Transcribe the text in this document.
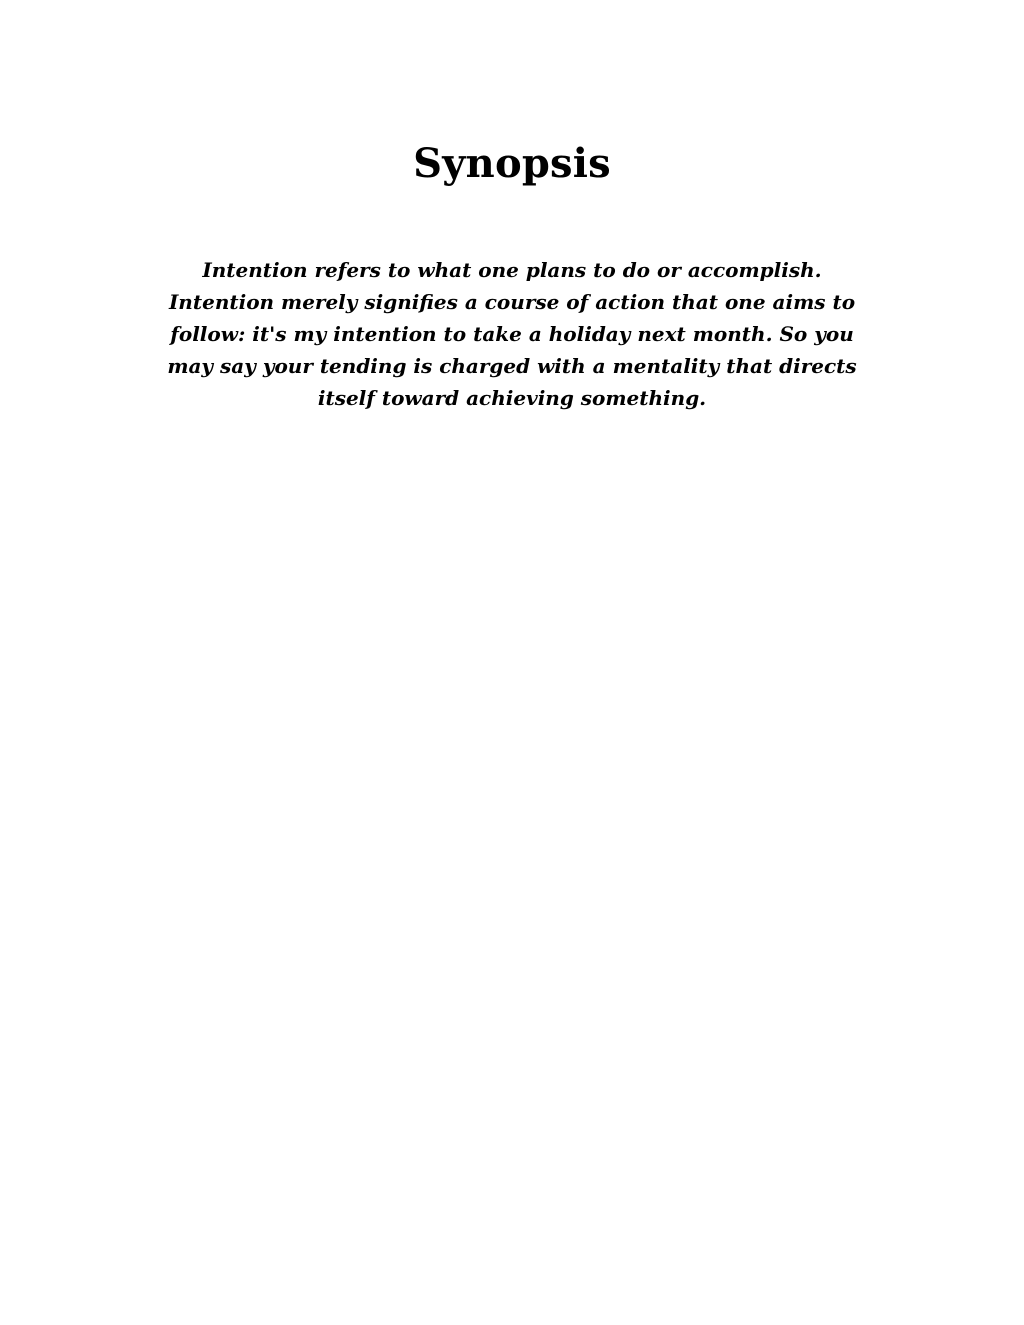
Synopsis

Intention refers to what one plans to do or accomplish. Intention merely signifies a course of action that one aims to follow: it's my intention to take a holiday next month. So you may say your tending is charged with a mentality that directs itself toward achieving something.
